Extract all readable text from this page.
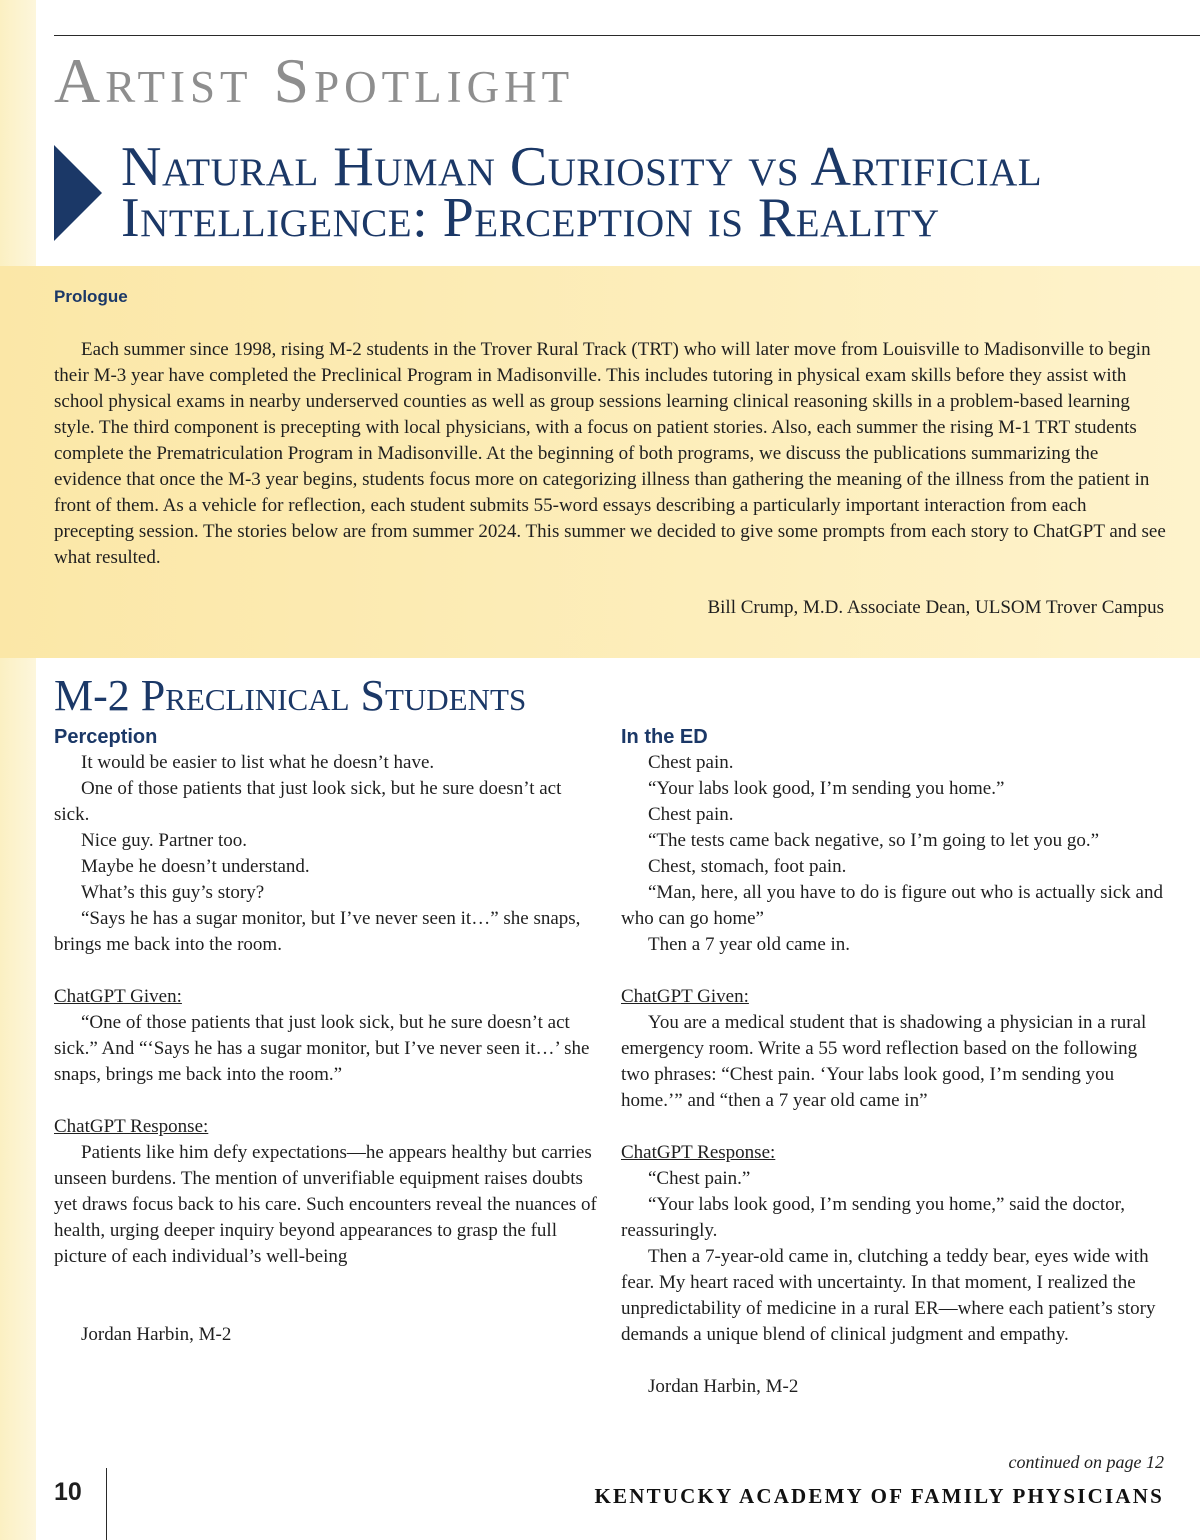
Artist Spotlight
Natural Human Curiosity vs Artificial Intelligence: Perception is Reality
Prologue

Each summer since 1998, rising M-2 students in the Trover Rural Track (TRT) who will later move from Louisville to Madisonville to begin their M-3 year have completed the Preclinical Program in Madisonville. This includes tutoring in physical exam skills before they assist with school physical exams in nearby underserved counties as well as group sessions learning clinical reasoning skills in a problem-based learning style. The third component is precepting with local physicians, with a focus on patient stories. Also, each summer the rising M-1 TRT students complete the Prematriculation Program in Madisonville. At the beginning of both programs, we discuss the publications summarizing the evidence that once the M-3 year begins, students focus more on categorizing illness than gathering the meaning of the illness from the patient in front of them. As a vehicle for reflection, each student submits 55-word essays describing a particularly important interaction from each precepting session. The stories below are from summer 2024. This summer we decided to give some prompts from each story to ChatGPT and see what resulted.

Bill Crump, M.D. Associate Dean, ULSOM Trover Campus
M-2 Preclinical Students
Perception

It would be easier to list what he doesn’t have.

One of those patients that just look sick, but he sure doesn’t act sick.

Nice guy. Partner too.

Maybe he doesn’t understand.

What’s this guy’s story?

“Says he has a sugar monitor, but I’ve never seen it…” she snaps, brings me back into the room.

ChatGPT Given:

“One of those patients that just look sick, but he sure doesn’t act sick.” And “‘Says he has a sugar monitor, but I’ve never seen it…’ she snaps, brings me back into the room.”

ChatGPT Response:

Patients like him defy expectations—he appears healthy but carries unseen burdens. The mention of unverifiable equipment raises doubts yet draws focus back to his care. Such encounters reveal the nuances of health, urging deeper inquiry beyond appearances to grasp the full picture of each individual’s well-being

Jordan Harbin, M-2

In the ED

Chest pain.

“Your labs look good, I’m sending you home.”

Chest pain.

“The tests came back negative, so I’m going to let you go.”

Chest, stomach, foot pain.

“Man, here, all you have to do is figure out who is actually sick and who can go home”

Then a 7 year old came in.

ChatGPT Given:

You are a medical student that is shadowing a physician in a rural emergency room. Write a 55 word reflection based on the following two phrases: “Chest pain. ‘Your labs look good, I’m sending you home.’” and “then a 7 year old came in”

ChatGPT Response:

“Chest pain.”

“Your labs look good, I’m sending you home,” said the doctor, reassuringly.

Then a 7-year-old came in, clutching a teddy bear, eyes wide with fear. My heart raced with uncertainty. In that moment, I realized the unpredictability of medicine in a rural ER—where each patient’s story demands a unique blend of clinical judgment and empathy.

Jordan Harbin, M-2

continued on page 12
10	KENTUCKY ACADEMY OF FAMILY PHYSICIANS
